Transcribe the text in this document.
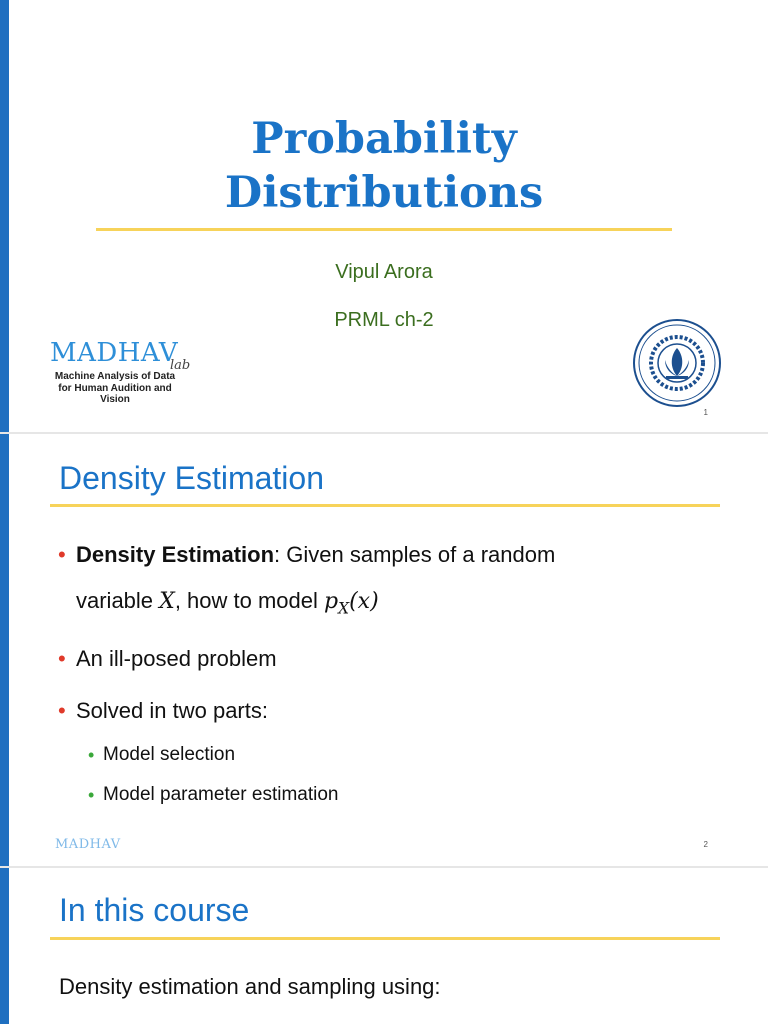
Probability
Distributions
Vipul Arora
PRML ch-2
MADHAV
lab
Machine Analysis of Data
for Human Audition and Vision
1
Density Estimation
• Density Estimation: Given samples of a random
variable X, how to model $p_X(x)$
• An ill-posed problem
• Solved in two parts:
• Model selection
• Model parameter estimation
MADHAV	2
In this course
Density estimation and sampling using:
